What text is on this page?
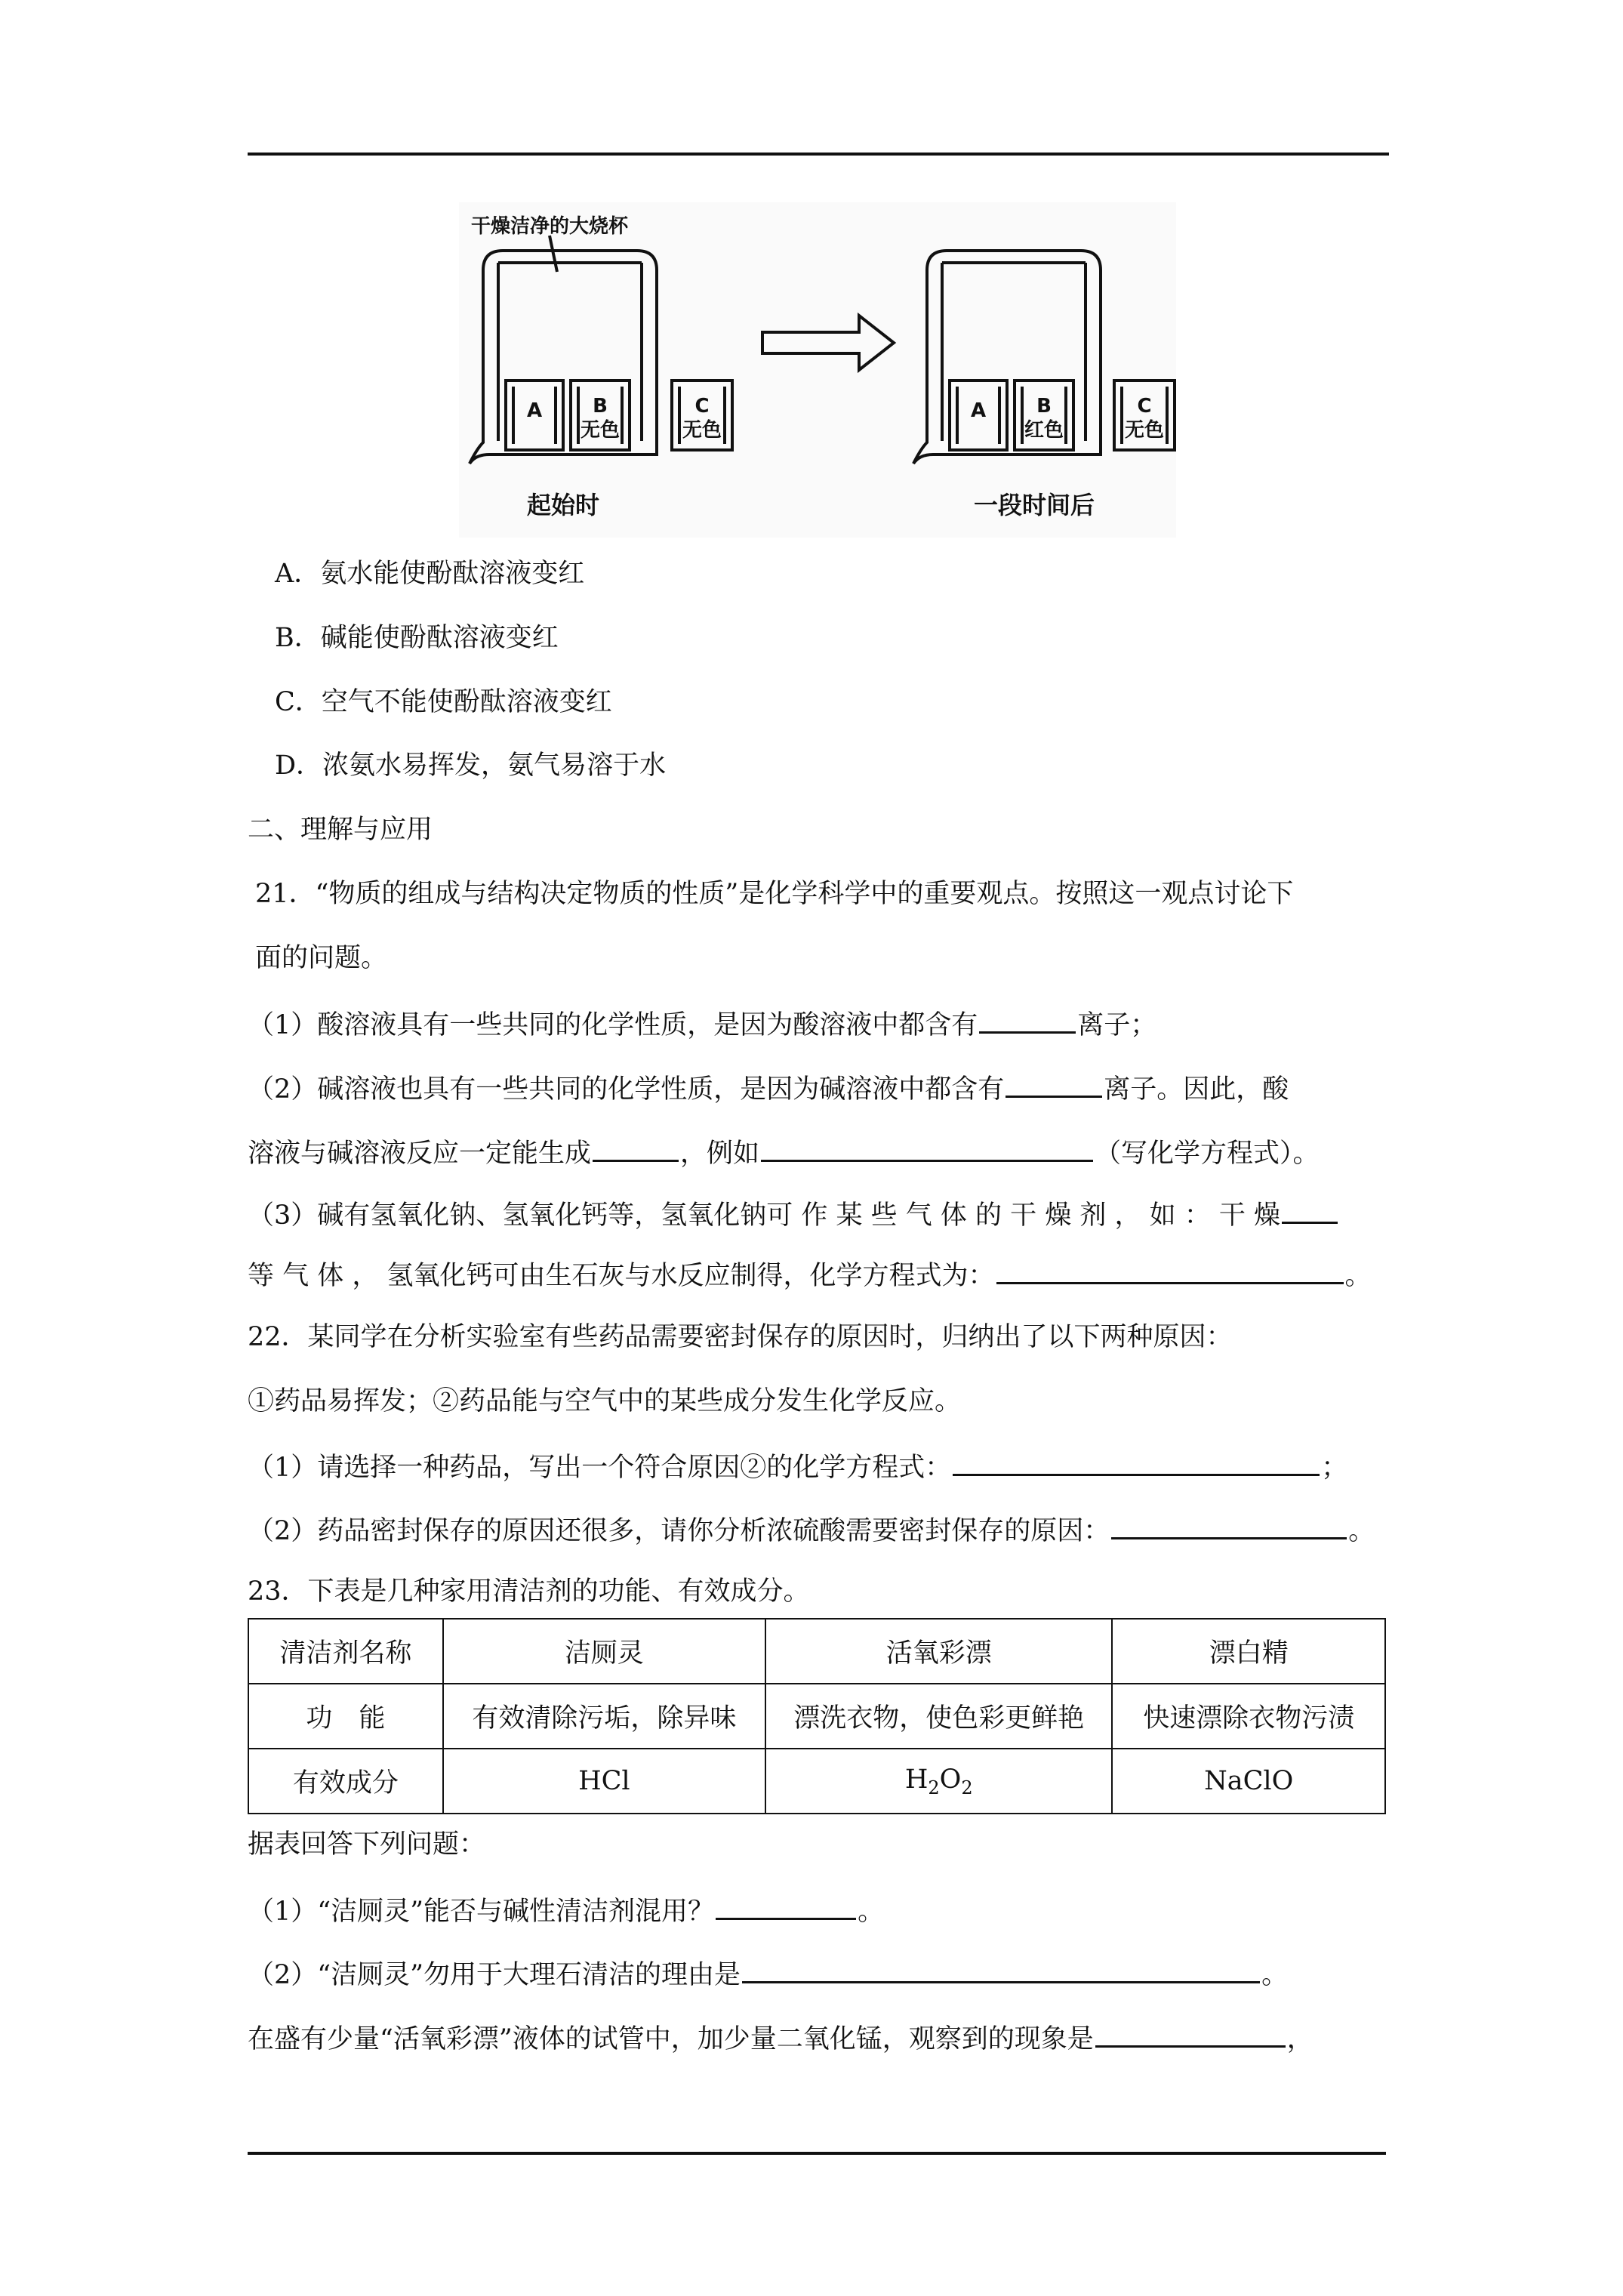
干燥洁净的大烧杯
A	B
无色
C
无色
A	B
红色
C
无色
起始时	一段时间后
A．氨水能使酚酞溶液变红
B．碱能使酚酞溶液变红
C．空气不能使酚酞溶液变红
D．浓氨水易挥发，氨气易溶于水
二、理解与应用
21．“物质的组成与结构决定物质的性质”是化学科学中的重要观点。按照这一观点讨论下
面的问题。
（1）酸溶液具有一些共同的化学性质，是因为酸溶液中都含有	离子；
（2）碱溶液也具有一些共同的化学性质，是因为碱溶液中都含有	离子。因此，酸
溶液与碱溶液反应一定能生成	，例如	（写化学方程式）。
（3）碱有氢氧化钠、氢氧化钙等，氢氧化钠可 作 某 些 气 体 的 干 燥 剂 ， 如 ： 干 燥
等 气 体 ， 氢氧化钙可由生石灰与水反应制得，化学方程式为：	。
22．某同学在分析实验室有些药品需要密封保存的原因时，归纳出了以下两种原因：
①药品易挥发；②药品能与空气中的某些成分发生化学反应。
（1）请选择一种药品，写出一个符合原因②的化学方程式：	；
（2）药品密封保存的原因还很多，请你分析浓硫酸需要密封保存的原因：	。
23．下表是几种家用清洁剂的功能、有效成分。
清洁剂名称	洁厕灵	活氧彩漂	漂白精
功　能	有效清除污垢，除异味	漂洗衣物，使色彩更鲜艳	快速漂除衣物污渍
有效成分	HCl	$H_2O_2$	NaClO
据表回答下列问题：
（1）“洁厕灵”能否与碱性清洁剂混用？	。
（2）“洁厕灵”勿用于大理石清洁的理由是	。
在盛有少量“活氧彩漂”液体的试管中，加少量二氧化锰，观察到的现象是	，
